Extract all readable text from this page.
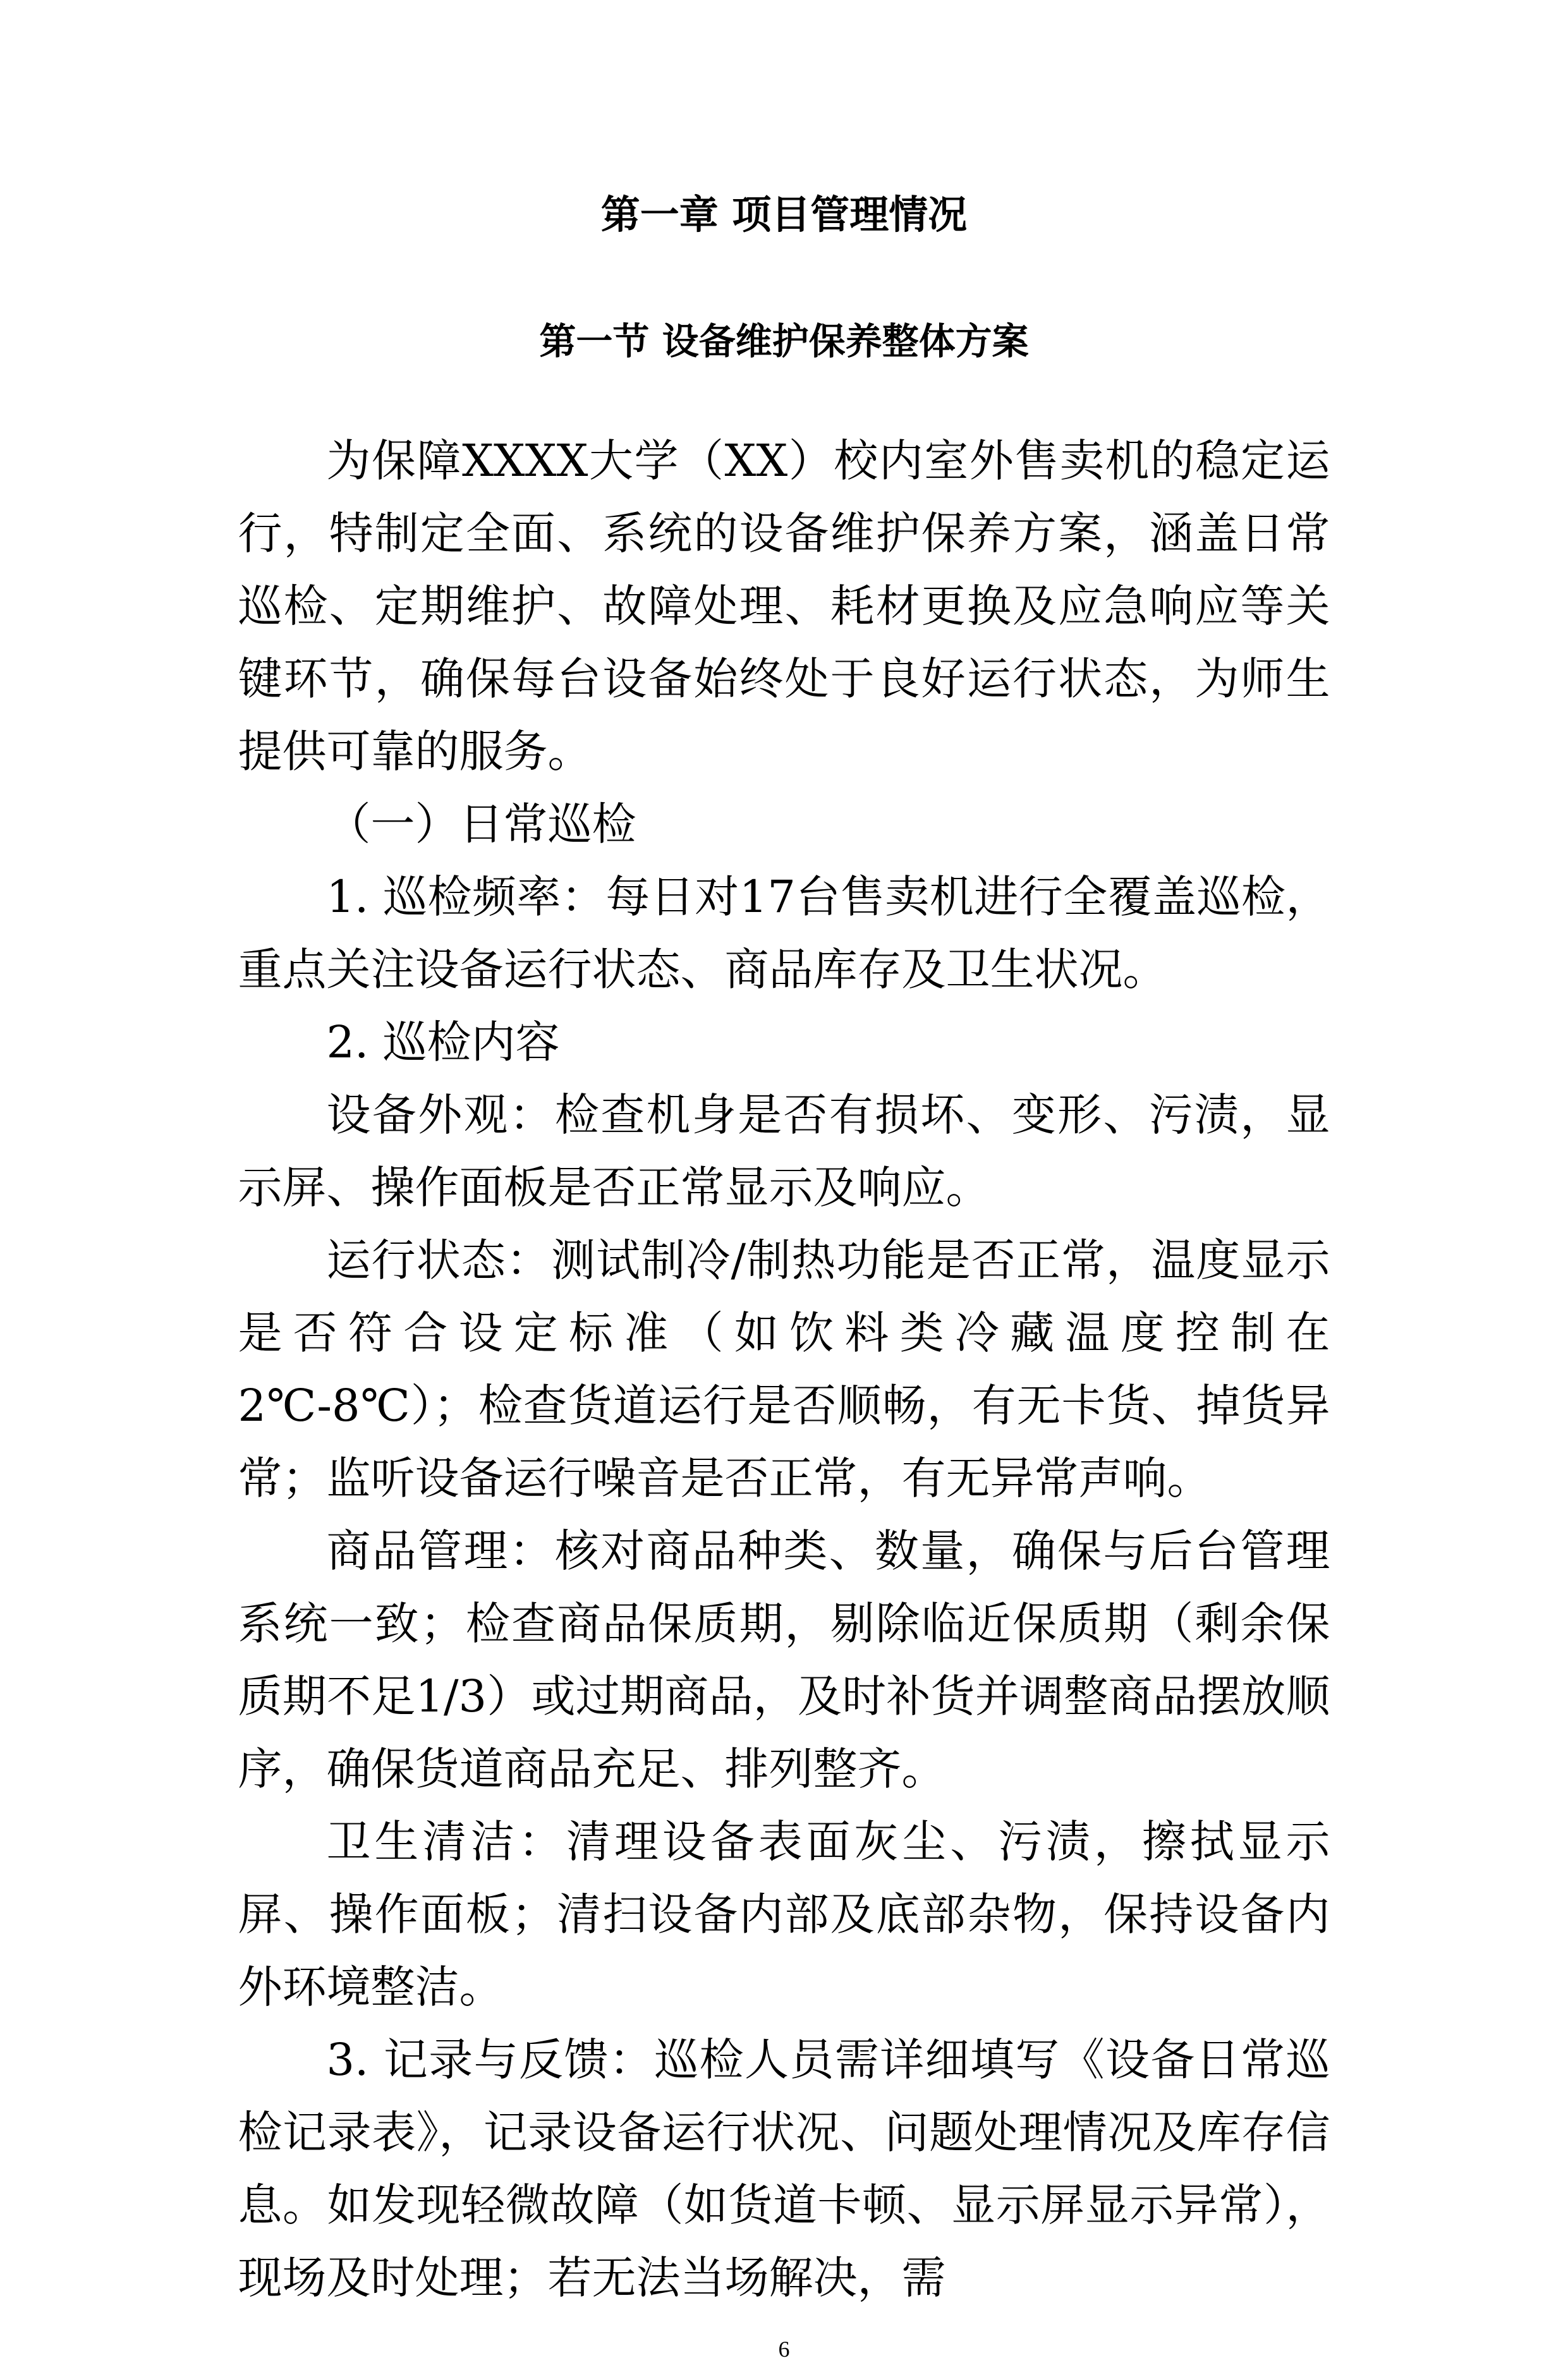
第一章 项目管理情况
第一节 设备维护保养整体方案

为保障XXXX大学（XX）校内室外售卖机的稳定运行，特制定全面、系统的设备维护保养方案，涵盖日常巡检、定期维护、故障处理、耗材更换及应急响应等关键环节，确保每台设备始终处于良好运行状态，为师生提供可靠的服务。

（一）日常巡检

1. 巡检频率：每日对17台售卖机进行全覆盖巡检，重点关注设备运行状态、商品库存及卫生状况。

2. 巡检内容

设备外观：检查机身是否有损坏、变形、污渍，显示屏、操作面板是否正常显示及响应。

运行状态：测试制冷/制热功能是否正常，温度显示是否符合设定标准（如饮料类冷藏温度控制在2℃-8℃）；检查货道运行是否顺畅，有无卡货、掉货异常；监听设备运行噪音是否正常，有无异常声响。

商品管理：核对商品种类、数量，确保与后台管理系统一致；检查商品保质期，剔除临近保质期（剩余保质期不足1/3）或过期商品，及时补货并调整商品摆放顺序，确保货道商品充足、排列整齐。

卫生清洁：清理设备表面灰尘、污渍，擦拭显示屏、操作面板；清扫设备内部及底部杂物，保持设备内外环境整洁。

3. 记录与反馈：巡检人员需详细填写《设备日常巡检记录表》，记录设备运行状况、问题处理情况及库存信息。如发现轻微故障（如货道卡顿、显示屏显示异常），现场及时处理；若无法当场解决，需

6
